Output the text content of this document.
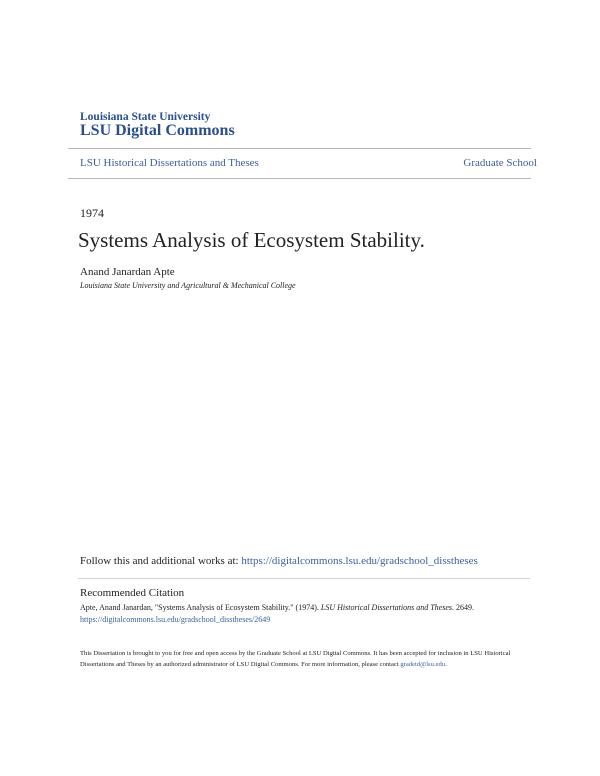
Louisiana State University
LSU Digital Commons
LSU Historical Dissertations and Theses	Graduate School
1974
Systems Analysis of Ecosystem Stability.
Anand Janardan Apte
Louisiana State University and Agricultural & Mechanical College
Follow this and additional works at: https://digitalcommons.lsu.edu/gradschool_disstheses
Recommended Citation
Apte, Anand Janardan, "Systems Analysis of Ecosystem Stability." (1974). LSU Historical Dissertations and Theses. 2649.
https://digitalcommons.lsu.edu/gradschool_disstheses/2649
This Dissertation is brought to you for free and open access by the Graduate School at LSU Digital Commons. It has been accepted for inclusion in LSU Historical Dissertations and Theses by an authorized administrator of LSU Digital Commons. For more information, please contact gradetd@lsu.edu.
